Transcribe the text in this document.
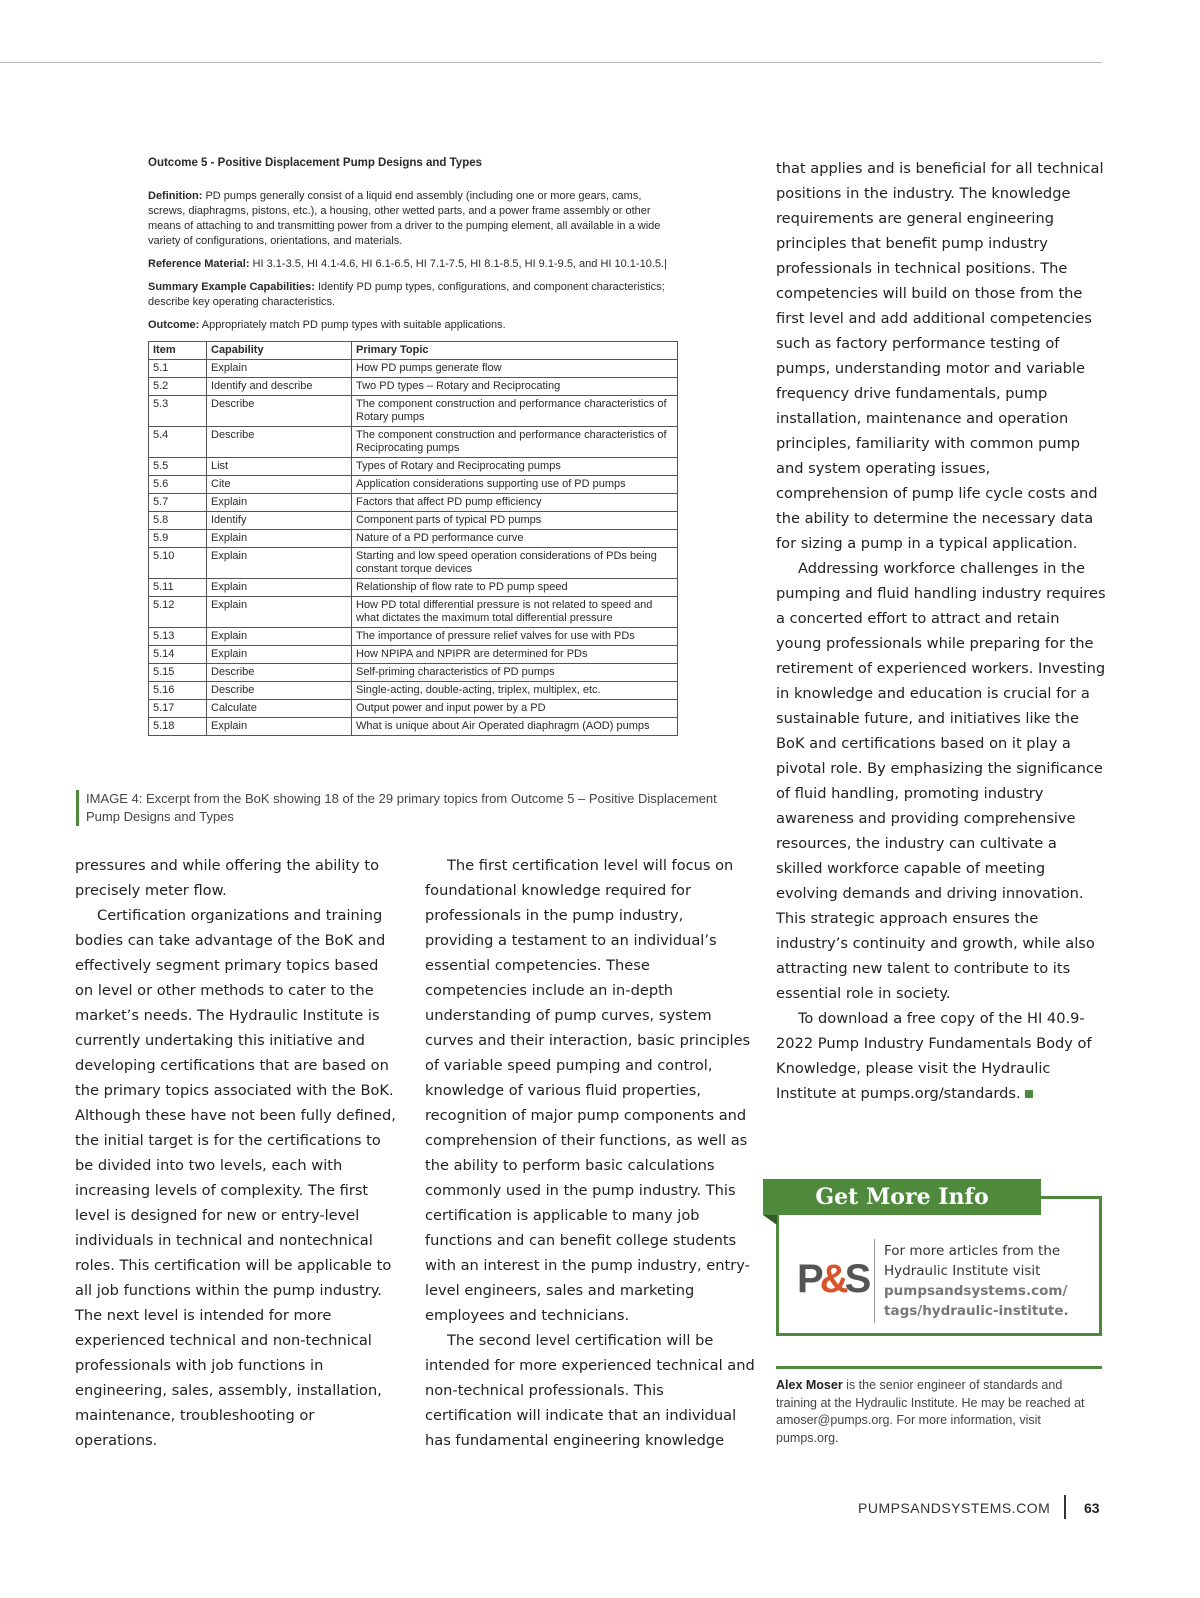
Outcome 5 - Positive Displacement Pump Designs and Types

Definition: PD pumps generally consist of a liquid end assembly (including one or more gears, cams, screws, diaphragms, pistons, etc.), a housing, other wetted parts, and a power frame assembly or other means of attaching to and transmitting power from a driver to the pumping element, all available in a wide variety of configurations, orientations, and materials.

Reference Material: HI 3.1-3.5, HI 4.1-4.6, HI 6.1-6.5, HI 7.1-7.5, HI 8.1-8.5, HI 9.1-9.5, and HI 10.1-10.5.|

Summary Example Capabilities: Identify PD pump types, configurations, and component characteristics; describe key operating characteristics.

Outcome: Appropriately match PD pump types with suitable applications.

Item	Capability	Primary Topic
5.1	Explain	How PD pumps generate flow
5.2	Identify and describe	Two PD types – Rotary and Reciprocating
5.3	Describe	The component construction and performance characteristics of Rotary pumps
5.4	Describe	The component construction and performance characteristics of Reciprocating pumps
5.5	List	Types of Rotary and Reciprocating pumps
5.6	Cite	Application considerations supporting use of PD pumps
5.7	Explain	Factors that affect PD pump efficiency
5.8	Identify	Component parts of typical PD pumps
5.9	Explain	Nature of a PD performance curve
5.10	Explain	Starting and low speed operation considerations of PDs being constant torque devices
5.11	Explain	Relationship of flow rate to PD pump speed
5.12	Explain	How PD total differential pressure is not related to speed and what dictates the maximum total differential pressure
5.13	Explain	The importance of pressure relief valves for use with PDs
5.14	Explain	How NPIPA and NPIPR are determined for PDs
5.15	Describe	Self-priming characteristics of PD pumps
5.16	Describe	Single-acting, double-acting, triplex, multiplex, etc.
5.17	Calculate	Output power and input power by a PD
5.18	Explain	What is unique about Air Operated diaphragm (AOD) pumps
IMAGE 4: Excerpt from the BoK showing 18 of the 29 primary topics from Outcome 5 – Positive Displacement Pump Designs and Types

pressures and while offering the ability to precisely meter flow.

Certification organizations and training bodies can take advantage of the BoK and effectively segment primary topics based on level or other methods to cater to the market’s needs. The Hydraulic Institute is currently undertaking this initiative and developing certifications that are based on the primary topics associated with the BoK. Although these have not been fully defined, the initial target is for the certifications to be divided into two levels, each with increasing levels of complexity. The first level is designed for new or entry-level individuals in technical and nontechnical roles. This certification will be applicable to all job functions within the pump industry. The next level is intended for more experienced technical and non-technical professionals with job functions in engineering, sales, assembly, installation, maintenance, troubleshooting or operations.

The first certification level will focus on foundational knowledge required for professionals in the pump industry, providing a testament to an individual’s essential competencies. These competencies include an in-depth understanding of pump curves, system curves and their interaction, basic principles of variable speed pumping and control, knowledge of various fluid properties, recognition of major pump components and comprehension of their functions, as well as the ability to perform basic calculations commonly used in the pump industry. This certification is applicable to many job functions and can benefit college students with an interest in the pump industry, entry-level engineers, sales and marketing employees and technicians.

The second level certification will be intended for more experienced technical and non-technical professionals. This certification will indicate that an individual has fundamental engineering knowledge

that applies and is beneficial for all technical positions in the industry. The knowledge requirements are general engineering principles that benefit pump industry professionals in technical positions. The competencies will build on those from the first level and add additional competencies such as factory performance testing of pumps, understanding motor and variable frequency drive fundamentals, pump installation, maintenance and operation principles, familiarity with common pump and system operating issues, comprehension of pump life cycle costs and the ability to determine the necessary data for sizing a pump in a typical application.

Addressing workforce challenges in the pumping and fluid handling industry requires a concerted effort to attract and retain young professionals while preparing for the retirement of experienced workers. Investing in knowledge and education is crucial for a sustainable future, and initiatives like the BoK and certifications based on it play a pivotal role. By emphasizing the significance of fluid handling, promoting industry awareness and providing comprehensive resources, the industry can cultivate a skilled workforce capable of meeting evolving demands and driving innovation. This strategic approach ensures the industry’s continuity and growth, while also attracting new talent to contribute to its essential role in society.

To download a free copy of the HI 40.9-2022 Pump Industry Fundamentals Body of Knowledge, please visit the Hydraulic Institute at pumps.org/standards.

Get More Info
P&S
For more articles from the Hydraulic Institute visit pumpsandsystems.com/ tags/hydraulic-institute.
Alex Moser is the senior engineer of standards and training at the Hydraulic Institute. He may be reached at amoser@pumps.org. For more information, visit pumps.org.
PUMPSANDSYSTEMS.COM 63
